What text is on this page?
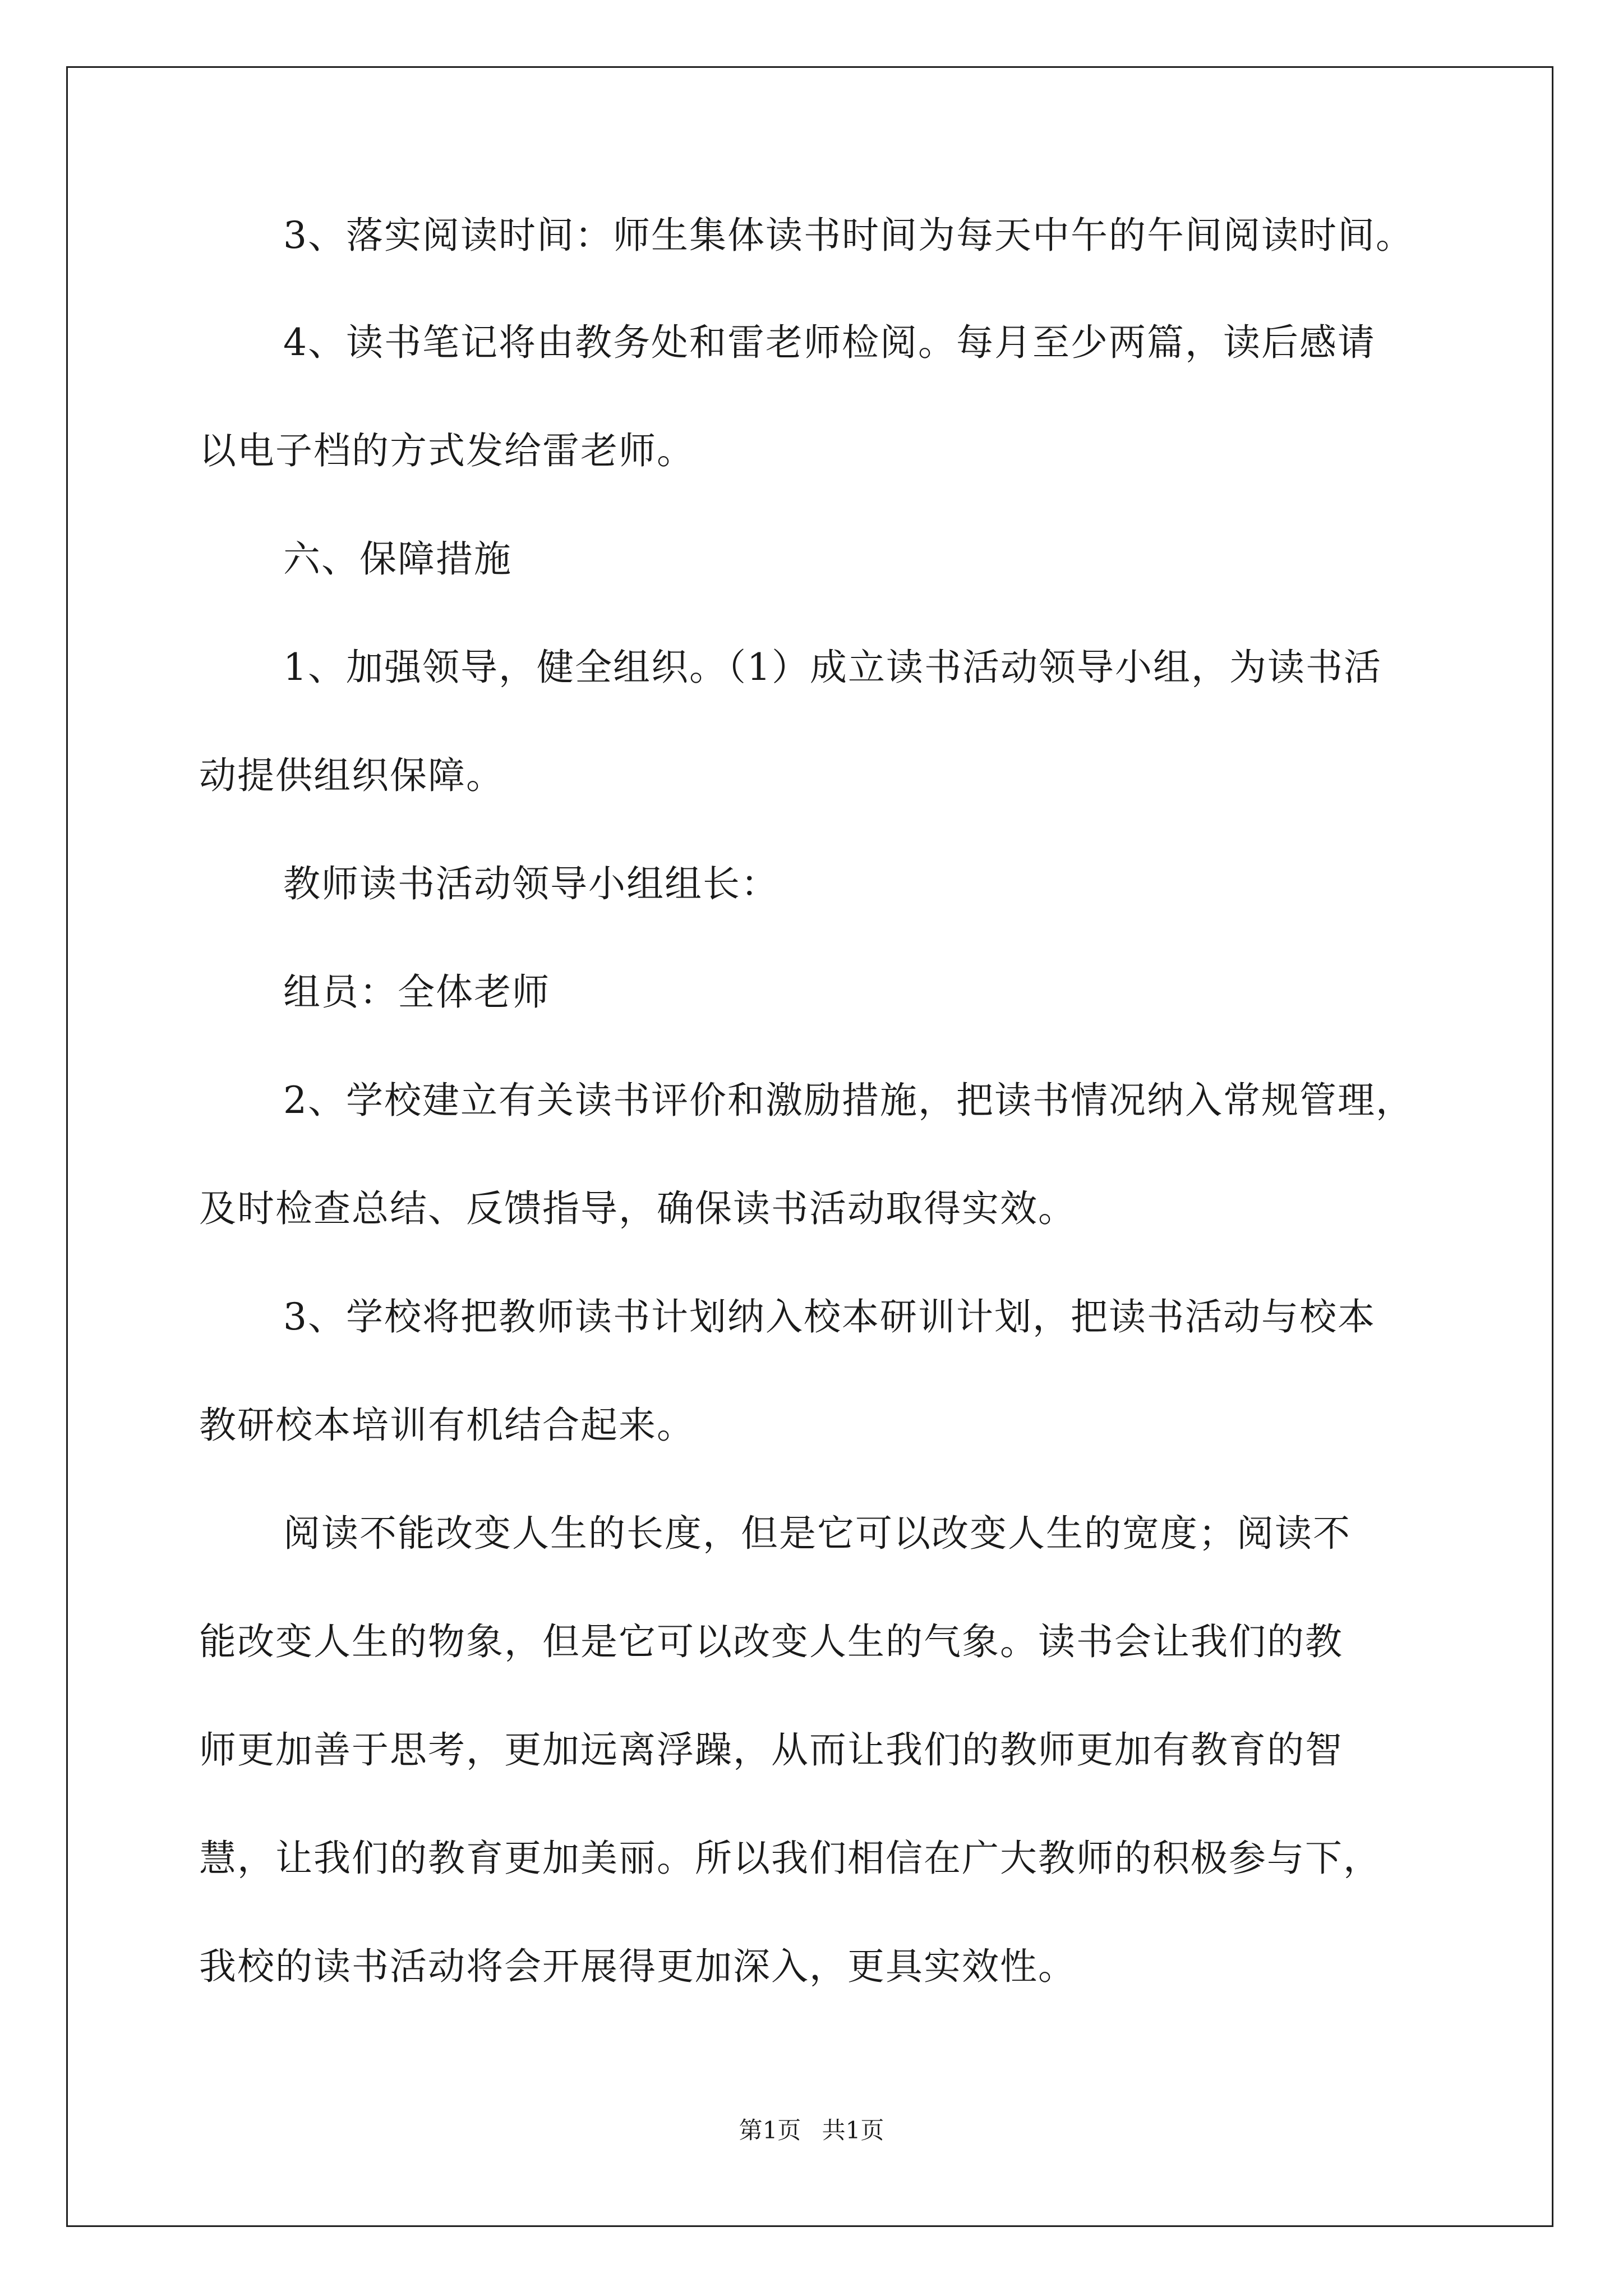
3、落实阅读时间：师生集体读书时间为每天中午的午间阅读时间。
4、读书笔记将由教务处和雷老师检阅。每月至少两篇，读后感请
以电子档的方式发给雷老师。
六、保障措施
1、加强领导，健全组织。（1）成立读书活动领导小组，为读书活
动提供组织保障。
教师读书活动领导小组组长：
组员：全体老师
2、学校建立有关读书评价和激励措施，把读书情况纳入常规管理，
及时检查总结、反馈指导，确保读书活动取得实效。
3、学校将把教师读书计划纳入校本研训计划，把读书活动与校本
教研校本培训有机结合起来。
阅读不能改变人生的长度，但是它可以改变人生的宽度；阅读不
能改变人生的物象，但是它可以改变人生的气象。读书会让我们的教
师更加善于思考，更加远离浮躁，从而让我们的教师更加有教育的智
慧，让我们的教育更加美丽。所以我们相信在广大教师的积极参与下，
我校的读书活动将会开展得更加深入，更具实效性。
第1页 共1页
